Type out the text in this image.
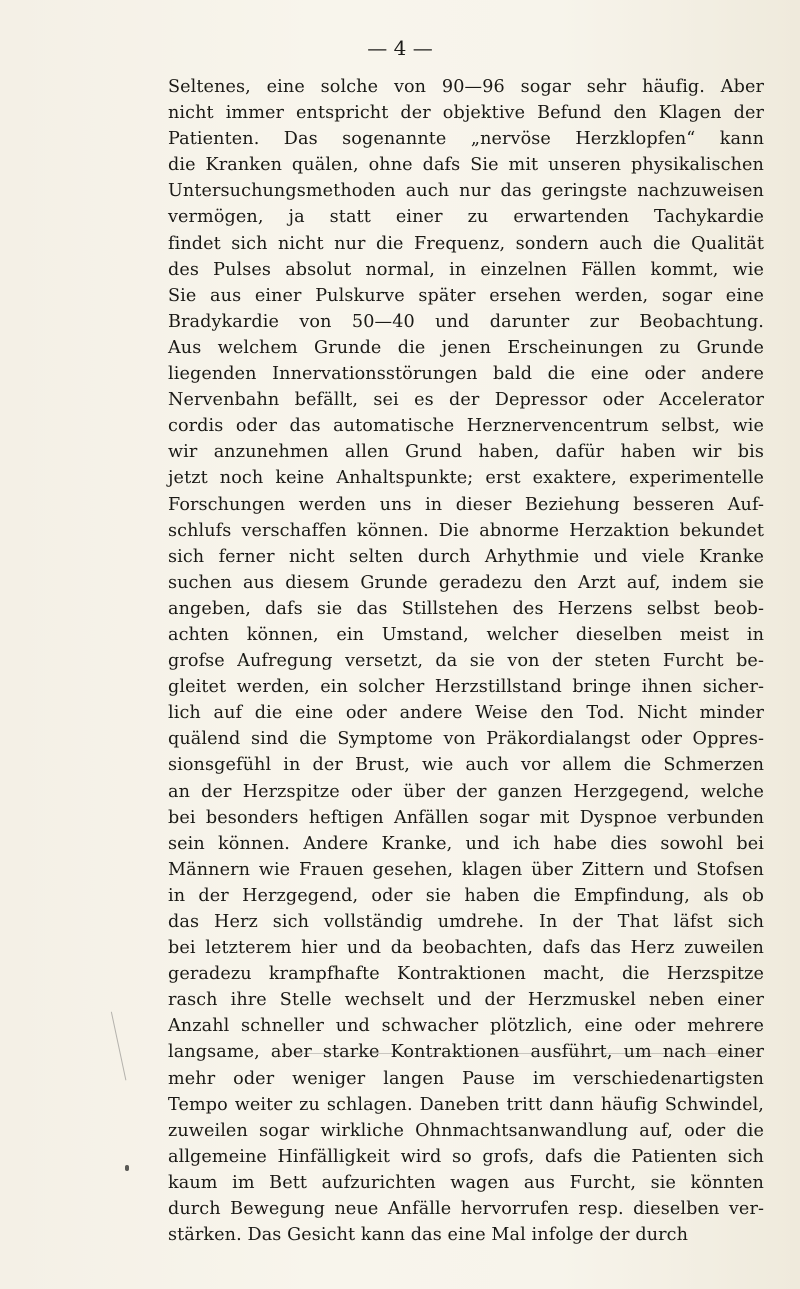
— 4 —
Seltenes, eine solche von 90—96 sogar sehr häufig. Aber
nicht immer entspricht der objektive Befund den Klagen der
Patienten. Das sogenannte „nervöse Herzklopfen“ kann
die Kranken quälen, ohne dafs Sie mit unseren physikalischen
Untersuchungsmethoden auch nur das geringste nachzuweisen
vermögen, ja statt einer zu erwartenden Tachykardie
findet sich nicht nur die Frequenz, sondern auch die Qualität
des Pulses absolut normal, in einzelnen Fällen kommt, wie
Sie aus einer Pulskurve später ersehen werden, sogar eine
Bradykardie von 50—40 und darunter zur Beobachtung.
Aus welchem Grunde die jenen Erscheinungen zu Grunde
liegenden Innervationsstörungen bald die eine oder andere
Nervenbahn befällt, sei es der Depressor oder Accelerator
cordis oder das automatische Herznervencentrum selbst, wie
wir anzunehmen allen Grund haben, dafür haben wir bis
jetzt noch keine Anhaltspunkte; erst exaktere, experimentelle
Forschungen werden uns in dieser Beziehung besseren Auf-
schlufs verschaffen können. Die abnorme Herzaktion bekundet
sich ferner nicht selten durch Arhythmie und viele Kranke
suchen aus diesem Grunde geradezu den Arzt auf, indem sie
angeben, dafs sie das Stillstehen des Herzens selbst beob-
achten können, ein Umstand, welcher dieselben meist in
grofse Aufregung versetzt, da sie von der steten Furcht be-
gleitet werden, ein solcher Herzstillstand bringe ihnen sicher-
lich auf die eine oder andere Weise den Tod. Nicht minder
quälend sind die Symptome von Präkordialangst oder Oppres-
sionsgefühl in der Brust, wie auch vor allem die Schmerzen
an der Herzspitze oder über der ganzen Herzgegend, welche
bei besonders heftigen Anfällen sogar mit Dyspnoe verbunden
sein können. Andere Kranke, und ich habe dies sowohl bei
Männern wie Frauen gesehen, klagen über Zittern und Stofsen
in der Herzgegend, oder sie haben die Empfindung, als ob
das Herz sich vollständig umdrehe. In der That läfst sich
bei letzterem hier und da beobachten, dafs das Herz zuweilen
geradezu krampfhafte Kontraktionen macht, die Herzspitze
rasch ihre Stelle wechselt und der Herzmuskel neben einer
Anzahl schneller und schwacher plötzlich, eine oder mehrere
langsame, aber starke Kontraktionen ausführt, um nach einer
mehr oder weniger langen Pause im verschiedenartigsten
Tempo weiter zu schlagen. Daneben tritt dann häufig Schwindel,
zuweilen sogar wirkliche Ohnmachtsanwandlung auf, oder die
allgemeine Hinfälligkeit wird so grofs, dafs die Patienten sich
kaum im Bett aufzurichten wagen aus Furcht, sie könnten
durch Bewegung neue Anfälle hervorrufen resp. dieselben ver-
stärken. Das Gesicht kann das eine Mal infolge der durch
